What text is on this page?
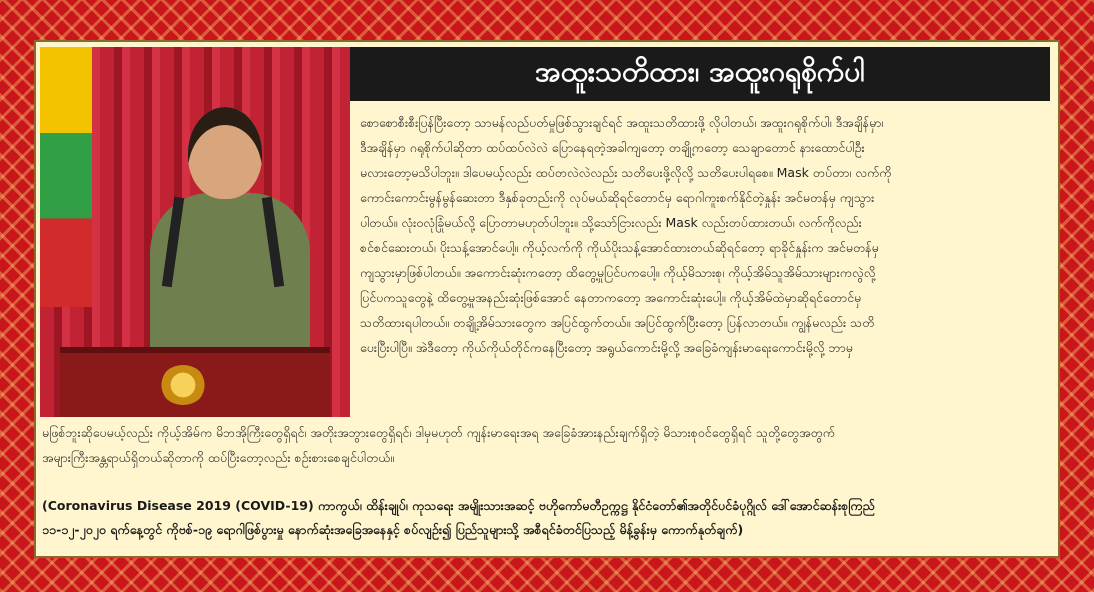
အထူးသတိထား၊ အထူးဂရုစိုက်ပါ

စောစောစီးစီးပြန်ပြီးတော့ သာမန်လည်ပတ်မှုဖြစ်သွားချင်ရင် အထူးသတိထားဖို့ လိုပါတယ်၊ အထူးဂရုစိုက်ပါ၊ ဒီအချိန်မှာ၊

ဒီအချိန်မှာ ဂရုစိုက်ပါဆိုတာ ထပ်ထပ်လဲလဲ ပြောနေရတဲ့အခါကျတော့ တချို့ကတော့ သေချာတောင် နားထောင်ပါဦး

မလားတော့မသိပါဘူး။ ဒါပေမယ့်လည်း ထပ်တလဲလဲလည်း သတိပေးဖို့လိုလို့ သတိပေးပါရစေ။ Mask တပ်တာ၊ လက်ကို

ကောင်းကောင်းမွန်မွန်ဆေးတာ ဒီနှစ်ခုတည်းကို လုပ်မယ်ဆိုရင်တောင်မှ ရောဂါကူးစက်နိုင်တဲ့နှုန်း အင်မတန်မှ ကျသွား

ပါတယ်။ လုံးဝလုံခြုံမယ်လို့ ပြောတာမဟုတ်ပါဘူး။ သို့သော်ငြားလည်း Mask လည်းတပ်ထားတယ်၊ လက်ကိုလည်း

စင်စင်ဆေးတယ်၊ ပိုးသန့်အောင်ပေါ့။ ကိုယ့်လက်ကို ကိုယ်ပိုးသန့်အောင်ထားတယ်ဆိုရင်တော့ ရာခိုင်နှုန်းက အင်မတန်မှ

ကျသွားမှာဖြစ်ပါတယ်။ အကောင်းဆုံးကတော့ ထိတွေ့မှုပြင်ပကပေါ့။ ကိုယ့်မိသားစု၊ ကိုယ့်အိမ်သူအိမ်သားများကလွဲလို့

ပြင်ပကသူတွေနဲ့ ထိတွေ့မှုအနည်းဆုံးဖြစ်အောင် နေတာကတော့ အကောင်းဆုံးပေါ့။ ကိုယ့်အိမ်ထဲမှာဆိုရင်တောင်မှ

သတိထားရပါတယ်။ တချို့အိမ်သားတွေက အပြင်ထွက်တယ်။ အပြင်ထွက်ပြီးတော့ ပြန်လာတယ်။ ကျွန်မလည်း သတိ

ပေးပြီးပါပြီ။ အဲဒီတော့ ကိုယ်ကိုယ်တိုင်ကနေပြီးတော့ အရွယ်ကောင်းမို့လို့ အခြေခံကျန်းမာရေးကောင်းမို့လို့ ဘာမှ

မဖြစ်ဘူးဆိုပေမယ့်လည်း ကိုယ့်အိမ်က မိဘအိုကြီးတွေရှိရင်၊ အတိုးအဘွားတွေရှိရင်၊ ဒါမှမဟုတ် ကျန်းမာရေးအရ အခြေခံအားနည်းချက်ရှိတဲ့ မိသားစုဝင်တွေရှိရင် သူတို့တွေအတွက်

အများကြီးအန္တရာယ်ရှိတယ်ဆိုတာကို ထပ်ပြီးတော့လည်း စဉ်းစားစေချင်ပါတယ်။

(Coronavirus Disease 2019 (COVID-19) ကာကွယ်၊ ထိန်းချုပ်၊ ကုသရေး အမျိုးသားအဆင့် ဗဟိုကော်မတီဥက္ကဋ္ဌ နိုင်ငံတော်၏အတိုင်ပင်ခံပုဂ္ဂိုလ် ဒေါ်အောင်ဆန်းစုကြည်

၁၁-၁၂-၂၀၂၀ ရက်နေ့တွင် ကိုဗစ်-၁၉ ရောဂါဖြစ်ပွားမှု နောက်ဆုံးအခြေအနေနှင့် စပ်လျဉ်း၍ ပြည်သူများသို့ အစီရင်ခံတင်ပြသည့် မိန့်ခွန်းမှ ကောက်နုတ်ချက်)
